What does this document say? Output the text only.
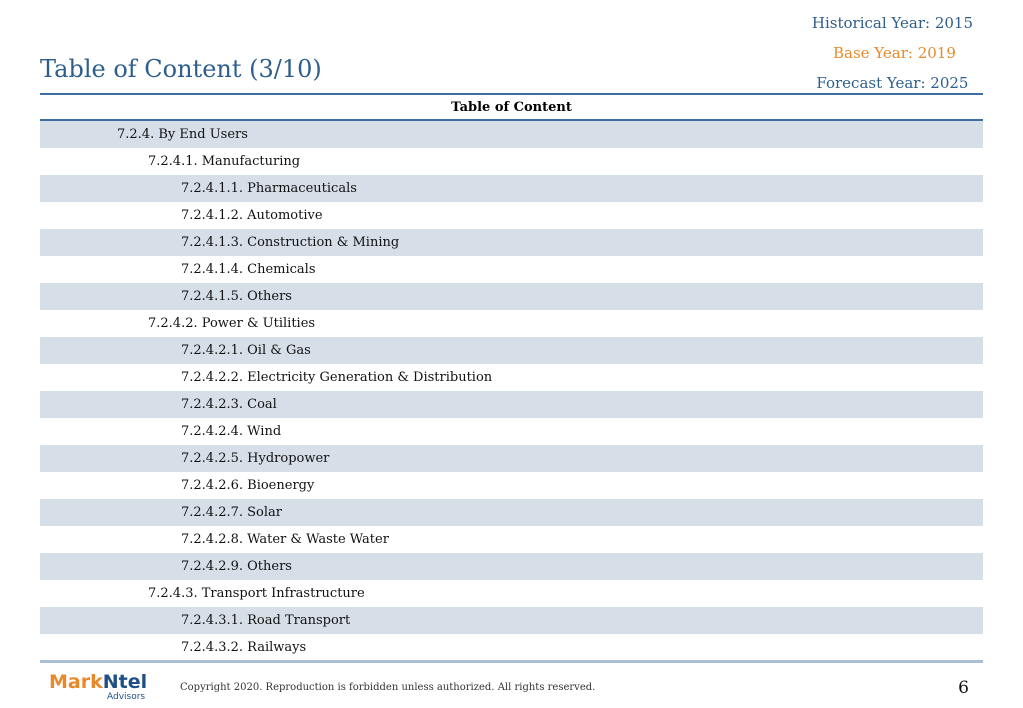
Historical Year: 2015
Base Year: 2019
Forecast Year: 2025
Table of Content (3/10)
Table of Content
7.2.4. By End Users
7.2.4.1. Manufacturing
7.2.4.1.1. Pharmaceuticals
7.2.4.1.2. Automotive
7.2.4.1.3. Construction & Mining
7.2.4.1.4. Chemicals
7.2.4.1.5. Others
7.2.4.2. Power & Utilities
7.2.4.2.1. Oil & Gas
7.2.4.2.2. Electricity Generation & Distribution
7.2.4.2.3. Coal
7.2.4.2.4. Wind
7.2.4.2.5. Hydropower
7.2.4.2.6. Bioenergy
7.2.4.2.7. Solar
7.2.4.2.8. Water & Waste Water
7.2.4.2.9. Others
7.2.4.3. Transport Infrastructure
7.2.4.3.1. Road Transport
7.2.4.3.2. Railways
MarkNtel
Advisors
Copyright 2020. Reproduction is forbidden unless authorized. All rights reserved.	6
